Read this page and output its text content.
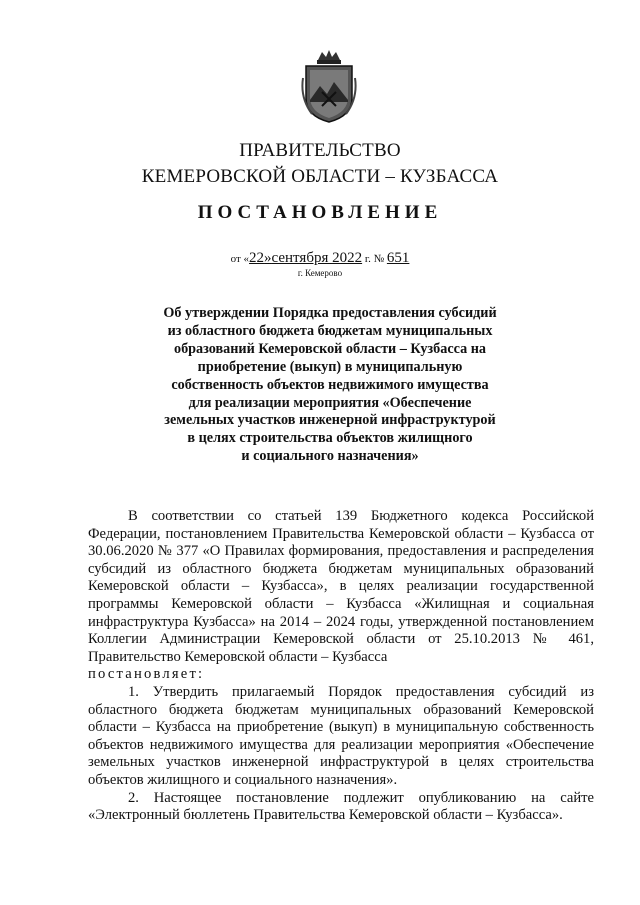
ПРАВИТЕЛЬСТВО
КЕМЕРОВСКОЙ ОБЛАСТИ – КУЗБАССА
ПОСТАНОВЛЕНИЕ
от «22»сентября 2022 г. № 651
г. Кемерово
Об утверждении Порядка предоставления субсидий
из областного бюджета бюджетам муниципальных
образований Кемеровской области – Кузбасса на
приобретение (выкуп) в муниципальную
собственность объектов недвижимого имущества
для реализации мероприятия «Обеспечение
земельных участков инженерной инфраструктурой
в целях строительства объектов жилищного
и социального назначения»

В соответствии со статьей 139 Бюджетного кодекса Российской Федерации, постановлением Правительства Кемеровской области – Кузбасса от 30.06.2020 № 377 «О Правилах формирования, предоставления и распределения субсидий из областного бюджета бюджетам муниципальных образований Кемеровской области – Кузбасса», в целях реализации государственной программы Кемеровской области – Кузбасса «Жилищная и социальная инфраструктура Кузбасса» на 2014 – 2024 годы, утвержденной постановлением Коллегии Администрации Кемеровской области от 25.10.2013 № 461, Правительство Кемеровской области – Кузбасса

постановляет:

1. Утвердить прилагаемый Порядок предоставления субсидий из областного бюджета бюджетам муниципальных образований Кемеровской области – Кузбасса на приобретение (выкуп) в муниципальную собственность объектов недвижимого имущества для реализации мероприятия «Обеспечение земельных участков инженерной инфраструктурой в целях строительства объектов жилищного и социального назначения».

2. Настоящее постановление подлежит опубликованию на сайте «Электронный бюллетень Правительства Кемеровской области – Кузбасса».
